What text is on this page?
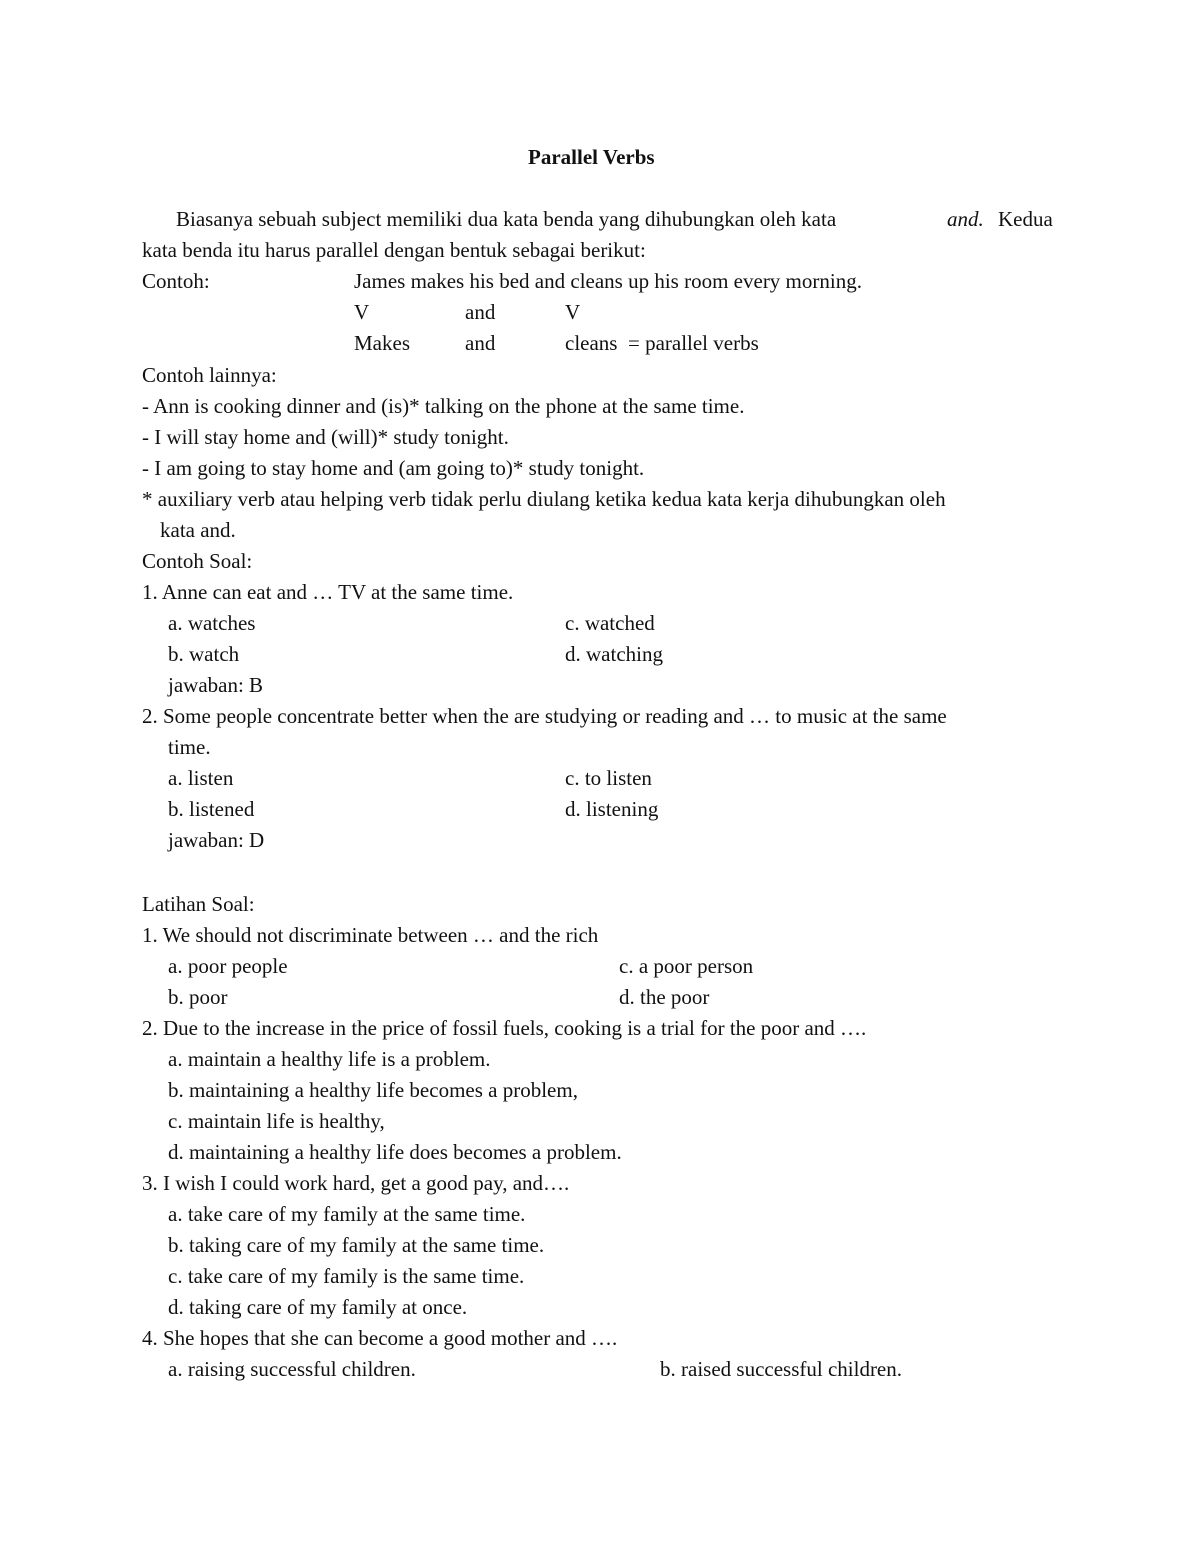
Parallel Verbs
Biasanya sebuah subject memiliki dua kata benda yang dihubungkan oleh kata	and. Kedua
kata benda itu harus parallel dengan bentuk sebagai berikut:
Contoh:	James makes his bed and cleans up his room every morning.
V	and	V
Makes	and	cleans  = parallel verbs
Contoh lainnya:
- Ann is cooking dinner and (is)* talking on the phone at the same time.
- I will stay home and (will)* study tonight.
- I am going to stay home and (am going to)* study tonight.
* auxiliary verb atau helping verb tidak perlu diulang ketika kedua kata kerja dihubungkan oleh
kata and.
Contoh Soal:
1. Anne can eat and … TV at the same time.
a. watches	c. watched
b. watch	d. watching
jawaban: B
2. Some people concentrate better when the are studying or reading and … to music at the same
time.
a. listen	c. to listen
b. listened	d. listening
jawaban: D
Latihan Soal:
1. We should not discriminate between … and the rich
a. poor people	c. a poor person
b. poor	d. the poor
2. Due to the increase in the price of fossil fuels, cooking is a trial for the poor and ….
a. maintain a healthy life is a problem.
b. maintaining a healthy life becomes a problem,
c. maintain life is healthy,
d. maintaining a healthy life does becomes a problem.
3. I wish I could work hard, get a good pay, and….
a. take care of my family at the same time.
b. taking care of my family at the same time.
c. take care of my family is the same time.
d. taking care of my family at once.
4. She hopes that she can become a good mother and ….
a. raising successful children.	b. raised successful children.
